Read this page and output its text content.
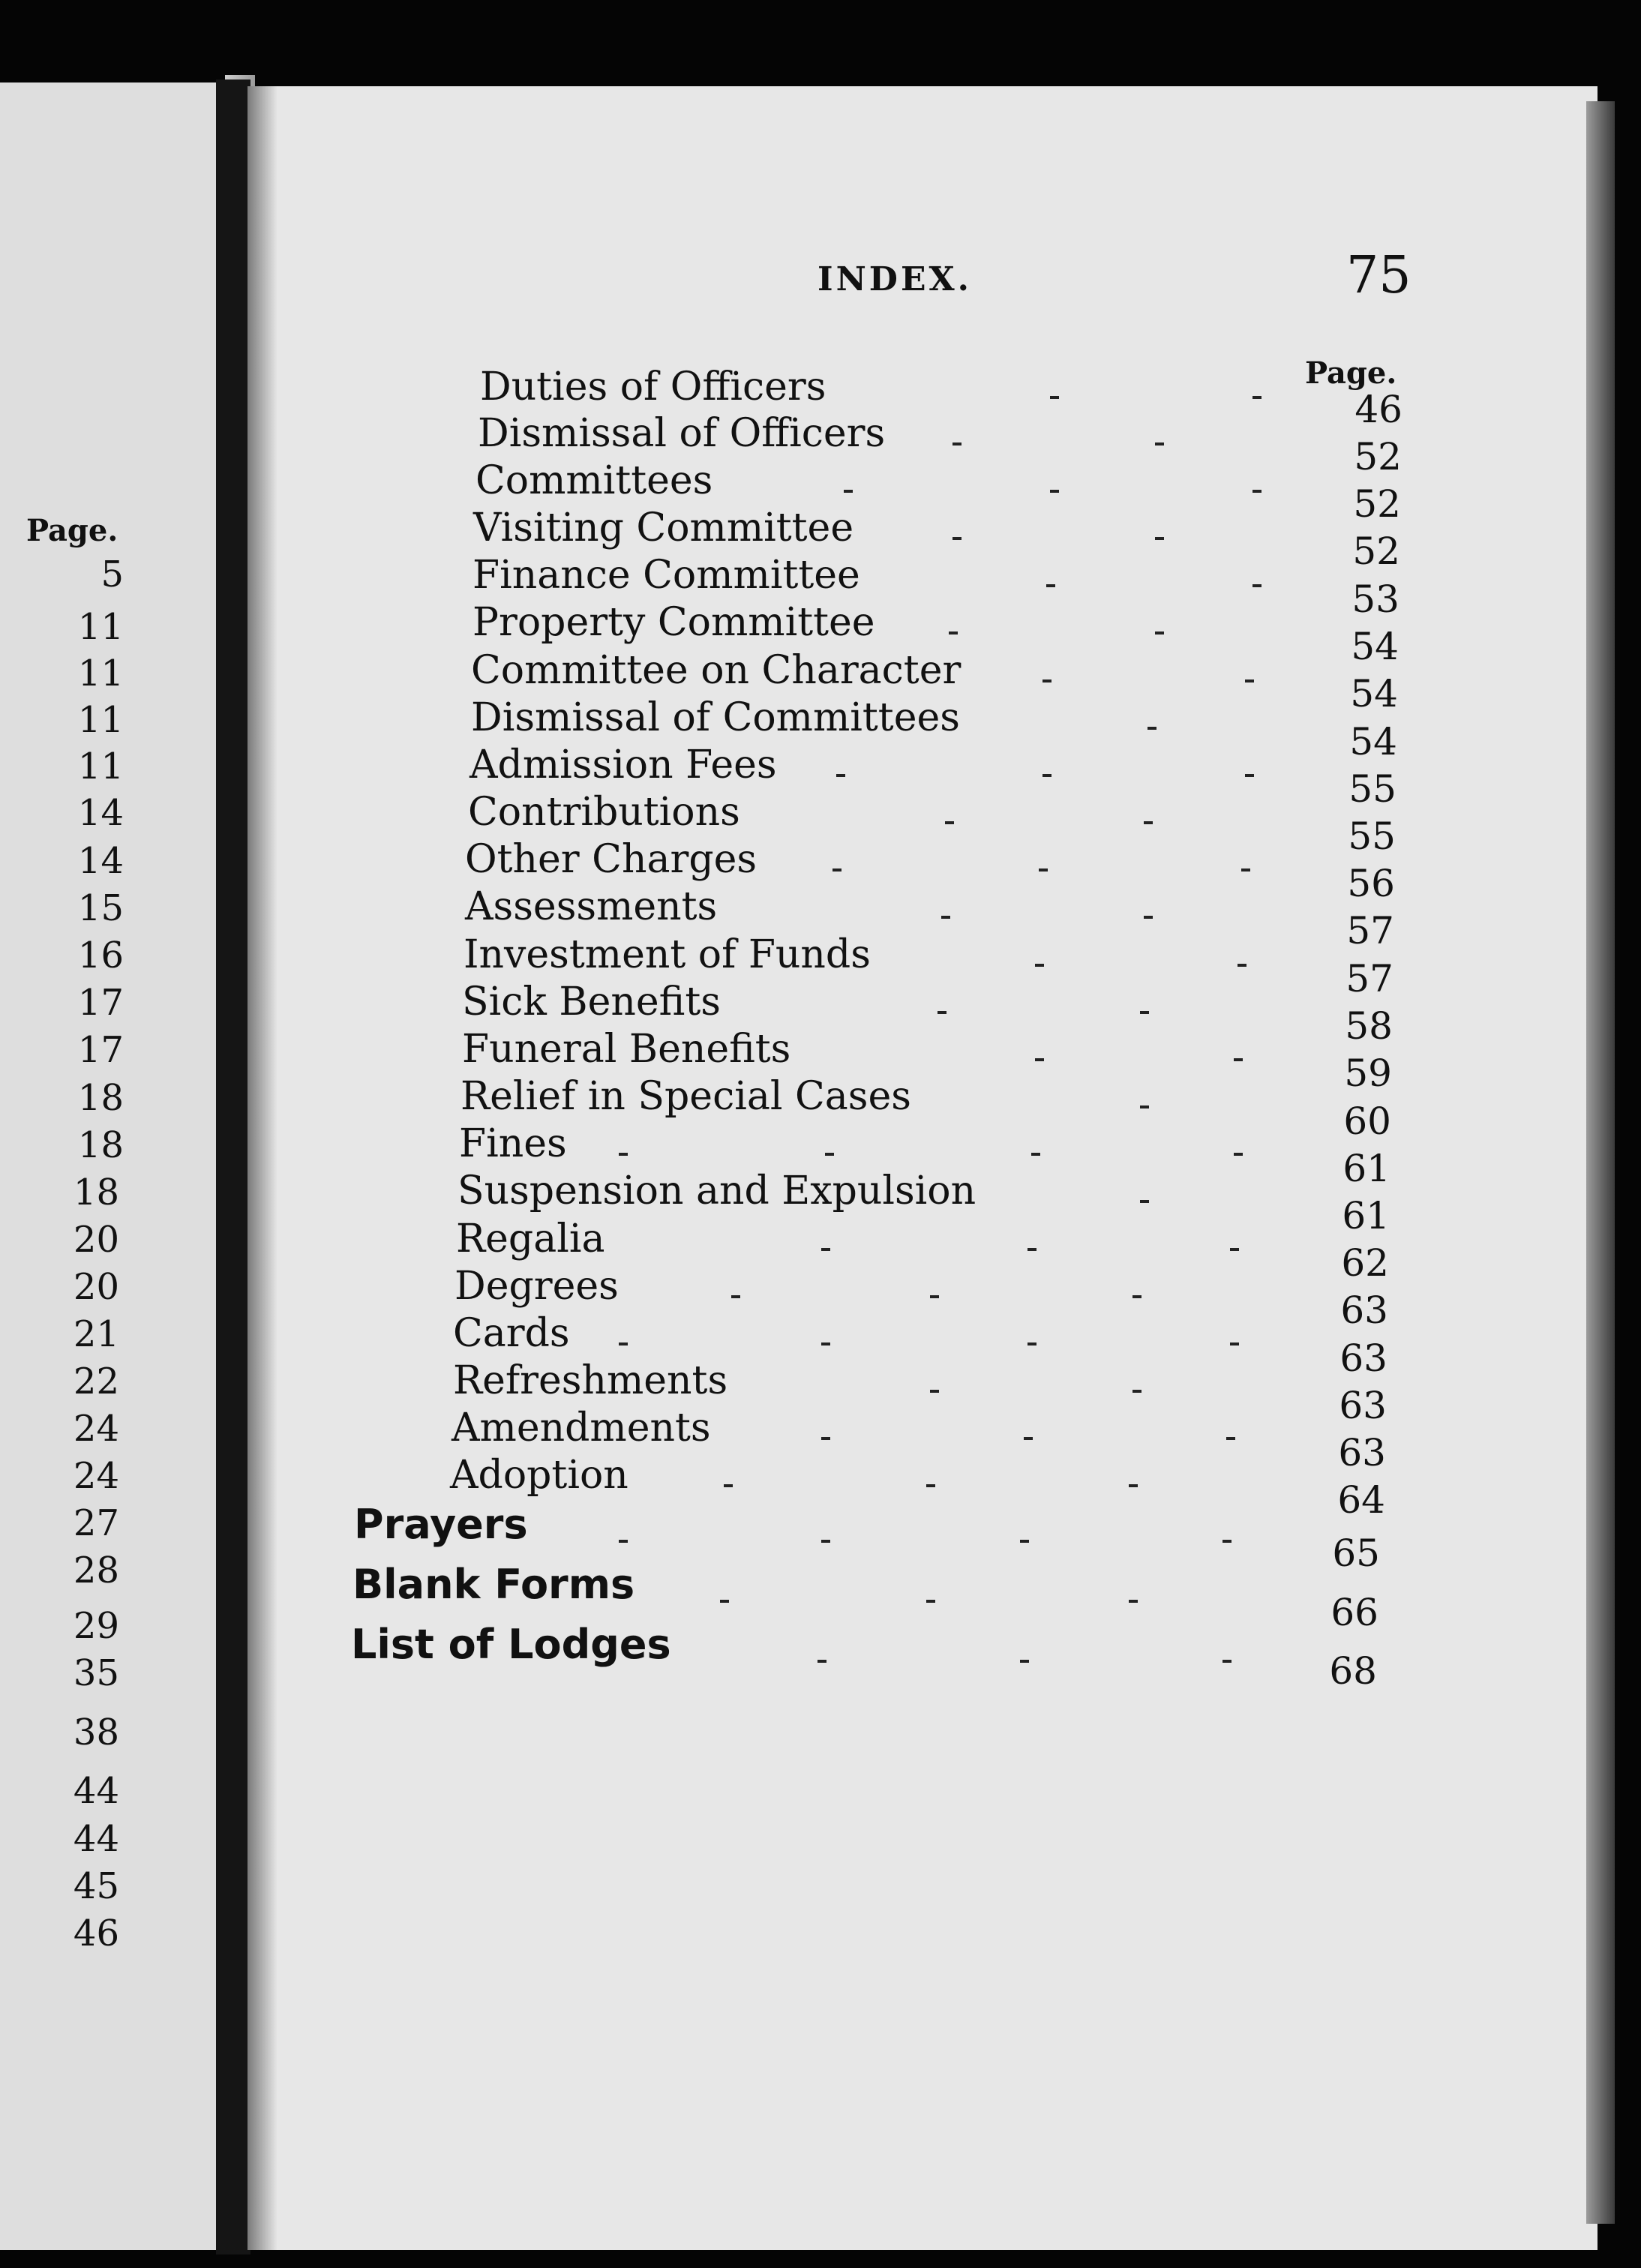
INDEX.	75
Page.
Page.
5
11
11
11
11
14
14
15
16
17
17
18
18
18
20
20
21
22
24
24
27
28
29
35
38
44
44
45
46
Duties of Officers	46
Dismissal of Officers
52
Committees
52
Visiting Committee
52
Finance Committee
53
Property Committee
54
Committee on Character
54
Dismissal of Committees
54
Admission Fees
55
Contributions
55
Other Charges
56
Assessments
57
Investment of Funds
57
Sick Benefits
58
Funeral Benefits
59
Relief in Special Cases
60
Fines
61
Suspension and Expulsion
61
Regalia
62
Degrees
63
Cards
63
Refreshments
63
Amendments
63
Adoption
64
Prayers
65
Blank Forms
66
List of Lodges
68
